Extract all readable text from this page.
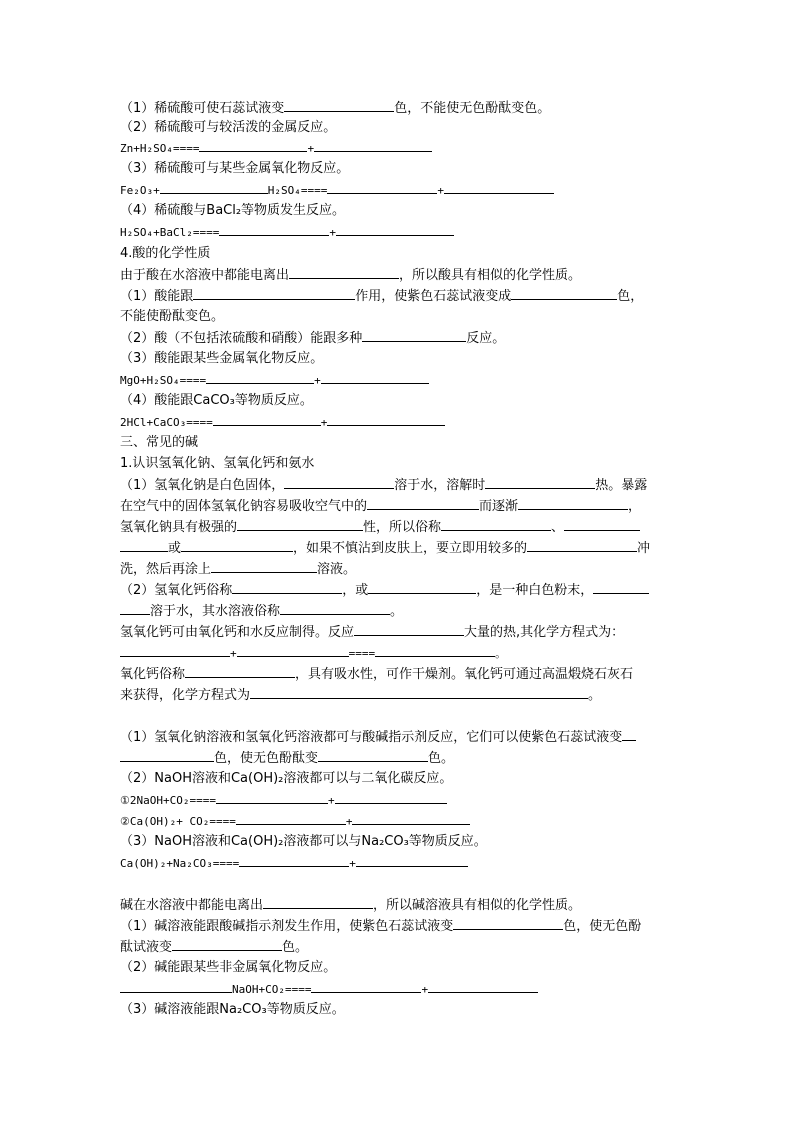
（1）稀硫酸可使石蕊试液变	色，不能使无色酚酞变色。
（2）稀硫酸可与较活泼的金属反应。
Zn+H₂SO₄====	+
（3）稀硫酸可与某些金属氧化物反应。
Fe₂O₃+	H₂SO₄====	+
（4）稀硫酸与BaCl₂等物质发生反应。
H₂SO₄+BaCl₂====	+
4.酸的化学性质
由于酸在水溶液中都能电离出	，所以酸具有相似的化学性质。
（1）酸能跟	作用，使紫色石蕊试液变成	色，
不能使酚酞变色。
（2）酸（不包括浓硫酸和硝酸）能跟多种	反应。
（3）酸能跟某些金属氧化物反应。
MgO+H₂SO₄====	+
（4）酸能跟CaCO₃等物质反应。
2HCl+CaCO₃====	+
三、常见的碱
1.认识氢氧化钠、氢氧化钙和氨水
（1）氢氧化钠是白色固体，	溶于水，溶解时	热。暴露
在空气中的固体氢氧化钠容易吸收空气中的	而逐渐	，
氢氧化钠具有极强的	性，所以俗称	、
或	，如果不慎沾到皮肤上，要立即用较多的	冲
洗，然后再涂上	溶液。
（2）氢氧化钙俗称	，或	，是一种白色粉末，
溶于水，其水溶液俗称	。
氢氧化钙可由氧化钙和水反应制得。反应	大量的热,其化学方程式为：
+	====	。
氧化钙俗称	，具有吸水性，可作干燥剂。氧化钙可通过高温煅烧石灰石
来获得，化学方程式为	。
（1）氢氧化钠溶液和氢氧化钙溶液都可与酸碱指示剂反应，它们可以使紫色石蕊试液变
色，使无色酚酞变	色。
（2）NaOH溶液和Ca(OH)₂溶液都可以与二氧化碳反应。
①2NaOH+CO₂====	+
②Ca(OH)₂+ CO₂====	+
（3）NaOH溶液和Ca(OH)₂溶液都可以与Na₂CO₃等物质反应。
Ca(OH)₂+Na₂CO₃====	+
碱在水溶液中都能电离出	，所以碱溶液具有相似的化学性质。
（1）碱溶液能跟酸碱指示剂发生作用，使紫色石蕊试液变	色，使无色酚
酞试液变	色。
（2）碱能跟某些非金属氧化物反应。
NaOH+CO₂====	+
（3）碱溶液能跟Na₂CO₃等物质反应。
